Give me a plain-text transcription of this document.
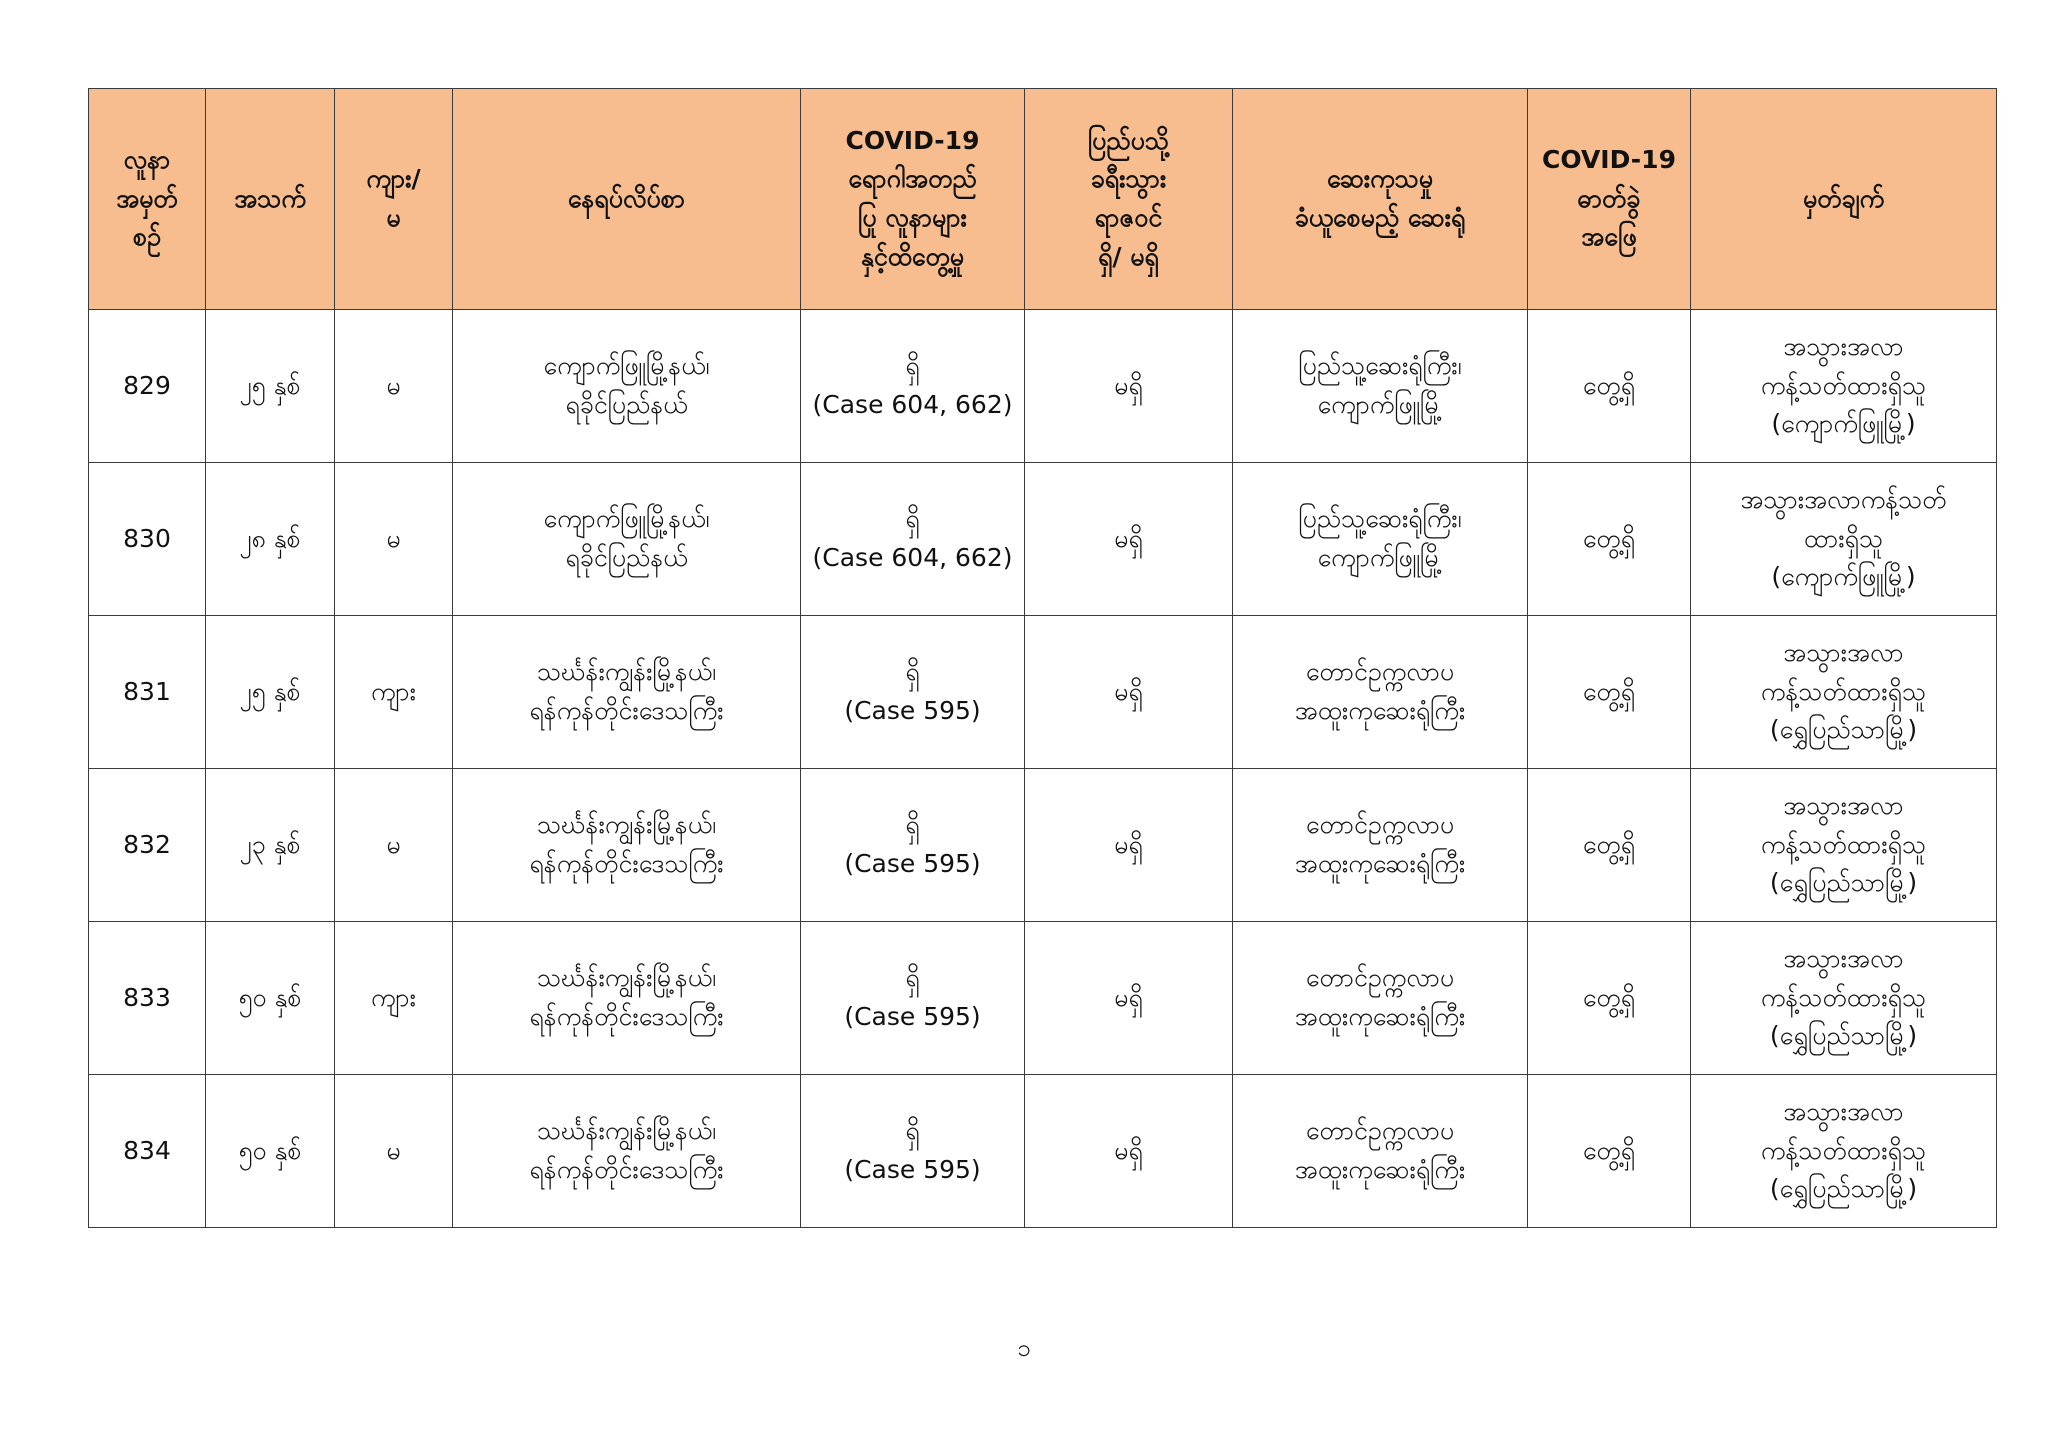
လူနာ
အမှတ်
စဉ်	အသက်	ကျား/
မ	နေရပ်လိပ်စာ	COVID-19
ရောဂါအတည်
ပြု လူနာများ
နှင့်ထိတွေ့မှု	ပြည်ပသို့
ခရီးသွား
ရာဇဝင်
ရှိ/ မရှိ	ဆေးကုသမှု
ခံယူစေမည့် ဆေးရုံ	COVID-19
ဓာတ်ခွဲ
အဖြေ	မှတ်ချက်

829	၂၅ နှစ်	မ	ကျောက်ဖြူမြို့နယ်၊
ရခိုင်ပြည်နယ်	ရှိ
(Case 604, 662)	မရှိ	ပြည်သူ့ဆေးရုံကြီး၊
ကျောက်ဖြူမြို့	တွေ့ရှိ	အသွားအလာ
ကန့်သတ်ထားရှိသူ
(ကျောက်ဖြူမြို့)

830	၂၈ နှစ်	မ	ကျောက်ဖြူမြို့နယ်၊
ရခိုင်ပြည်နယ်	ရှိ
(Case 604, 662)	မရှိ	ပြည်သူ့ဆေးရုံကြီး၊
ကျောက်ဖြူမြို့	တွေ့ရှိ	အသွားအလာကန့်သတ်
ထားရှိသူ
(ကျောက်ဖြူမြို့)

831	၂၅ နှစ်	ကျား	သင်္ဃန်းကျွန်းမြို့နယ်၊
ရန်ကုန်တိုင်းဒေသကြီး	ရှိ
(Case 595)	မရှိ	တောင်ဥက္ကလာပ
အထူးကုဆေးရုံကြီး	တွေ့ရှိ	အသွားအလာ
ကန့်သတ်ထားရှိသူ
(ရွှေပြည်သာမြို့)

832	၂၃ နှစ်	မ	သင်္ဃန်းကျွန်းမြို့နယ်၊
ရန်ကုန်တိုင်းဒေသကြီး	ရှိ
(Case 595)	မရှိ	တောင်ဥက္ကလာပ
အထူးကုဆေးရုံကြီး	တွေ့ရှိ	အသွားအလာ
ကန့်သတ်ထားရှိသူ
(ရွှေပြည်သာမြို့)

833	၅၀ နှစ်	ကျား	သင်္ဃန်းကျွန်းမြို့နယ်၊
ရန်ကုန်တိုင်းဒေသကြီး	ရှိ
(Case 595)	မရှိ	တောင်ဥက္ကလာပ
အထူးကုဆေးရုံကြီး	တွေ့ရှိ	အသွားအလာ
ကန့်သတ်ထားရှိသူ
(ရွှေပြည်သာမြို့)

834	၅၀ နှစ်	မ	သင်္ဃန်းကျွန်းမြို့နယ်၊
ရန်ကုန်တိုင်းဒေသကြီး	ရှိ
(Case 595)	မရှိ	တောင်ဥက္ကလာပ
အထူးကုဆေးရုံကြီး	တွေ့ရှိ	အသွားအလာ
ကန့်သတ်ထားရှိသူ
(ရွှေပြည်သာမြို့)
၁
